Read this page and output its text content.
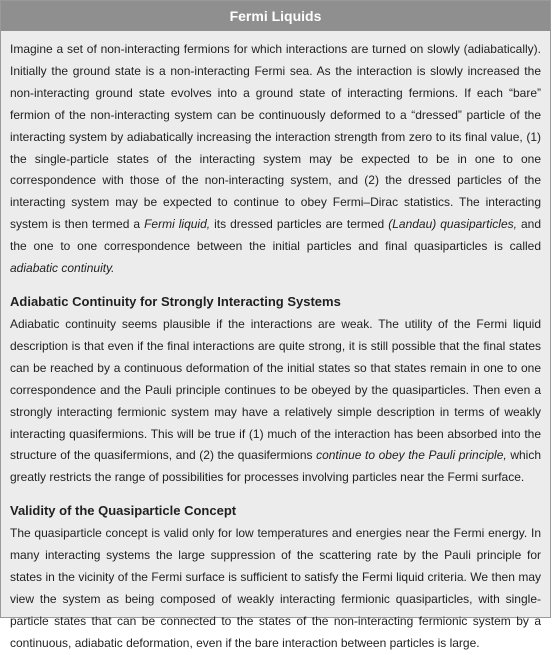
Fermi Liquids

Imagine a set of non-interacting fermions for which interactions are turned on slowly (adiabatically). Initially the ground state is a non-interacting Fermi sea. As the interaction is slowly increased the non-interacting ground state evolves into a ground state of interacting fermions. If each “bare” fermion of the non-interacting system can be continuously deformed to a “dressed” particle of the interacting system by adiabatically increasing the interaction strength from zero to its final value, (1) the single-particle states of the interacting system may be expected to be in one to one correspondence with those of the non-interacting system, and (2) the dressed particles of the interacting system may be expected to continue to obey Fermi–Dirac statistics. The interacting system is then termed a Fermi liquid, its dressed particles are termed (Landau) quasiparticles, and the one to one correspondence between the initial particles and final quasiparticles is called adiabatic continuity.

Adiabatic Continuity for Strongly Interacting Systems

Adiabatic continuity seems plausible if the interactions are weak. The utility of the Fermi liquid description is that even if the final interactions are quite strong, it is still possible that the final states can be reached by a continuous deformation of the initial states so that states remain in one to one correspondence and the Pauli principle continues to be obeyed by the quasiparticles. Then even a strongly interacting fermionic system may have a relatively simple description in terms of weakly interacting quasifermions. This will be true if (1) much of the interaction has been absorbed into the structure of the quasifermions, and (2) the quasifermions continue to obey the Pauli principle, which greatly restricts the range of possibilities for processes involving particles near the Fermi surface.

Validity of the Quasiparticle Concept

The quasiparticle concept is valid only for low temperatures and energies near the Fermi energy. In many interacting systems the large suppression of the scattering rate by the Pauli principle for states in the vicinity of the Fermi surface is sufficient to satisfy the Fermi liquid criteria. We then may view the system as being composed of weakly interacting fermionic quasiparticles, with single-particle states that can be connected to the states of the non-interacting fermionic system by a continuous, adiabatic deformation, even if the bare interaction between particles is large.
